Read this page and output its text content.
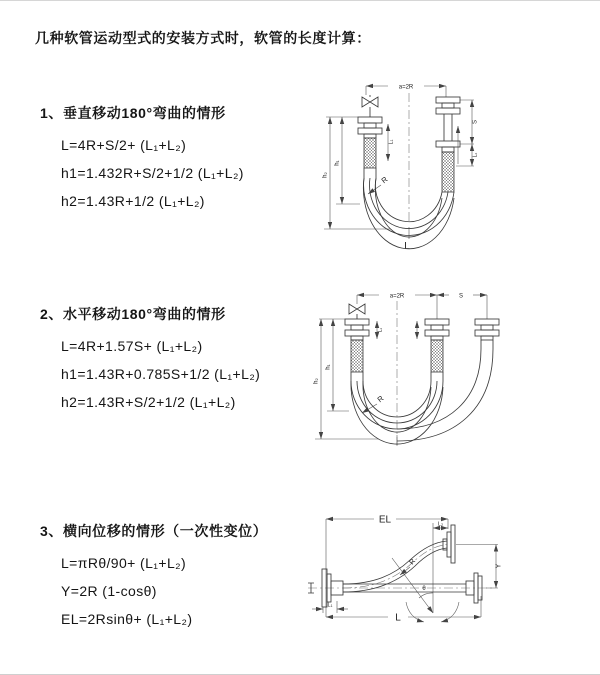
几种软管运动型式的安装方式时，软管的长度计算：
1、垂直移动180°弯曲的情形
L=4R+S/2+ (L₁+L₂)
h1=1.432R+S/2+1/2 (L₁+L₂)
h2=1.43R+1/2 (L₁+L₂)
2、水平移动180°弯曲的情形
L=4R+1.57S+ (L₁+L₂)
h1=1.43R+0.785S+1/2 (L₁+L₂)
h2=1.43R+S/2+1/2 (L₁+L₂)
3、横向位移的情形（一次性变位）
L=πRθ/90+ (L₁+L₂)
Y=2R (1-cosθ)
EL=2Rsinθ+ (L₁+L₂)
a=2R
L₁
S
L₂
h₁
h₂	R
L
a=2R	S
L₁
h₁
h₂
R
EL	L₂
θ
Y
L
L₁
R
